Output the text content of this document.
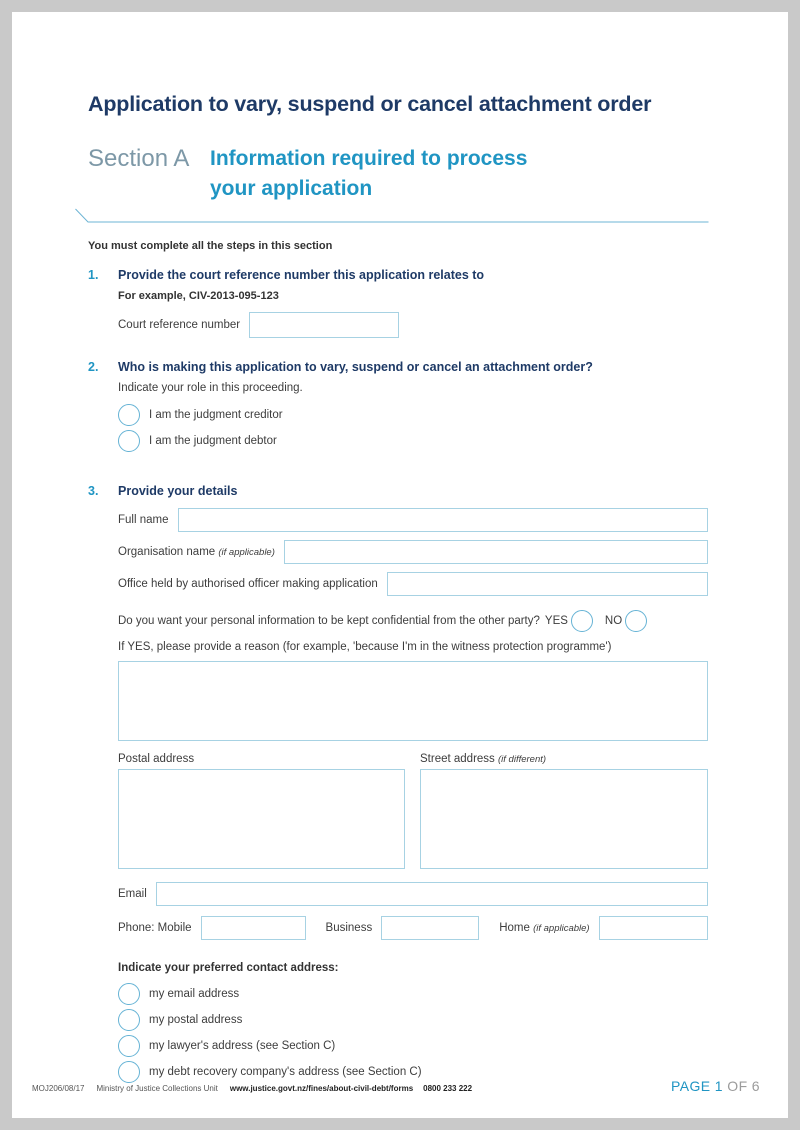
Application to vary, suspend or cancel attachment order
Section A Information required to process
your application

You must complete all the steps in this section

1.	Provide the court reference number this application relates to
For example, CIV-2013-095-123
Court reference number
2.	Who is making this application to vary, suspend or cancel an attachment order?
Indicate your role in this proceeding.
I am the judgment creditor
I am the judgment debtor
3.	Provide your details
Full name
Organisation name (if applicable)
Office held by authorised officer making application
Do you want your personal information to be kept confidential from the other party? YES	NO
If YES, please provide a reason (for example, 'because I'm in the witness protection programme')
Postal address	Street address (if different)
Email
Phone: Mobile	Business	Home (if applicable)
Indicate your preferred contact address:
my email address
my postal address
my lawyer's address (see Section C)
my debt recovery company's address (see Section C)
MOJ206/08/17 Ministry of Justice Collections Unit www.justice.govt.nz/fines/about-civil-debt/forms 0800 233 222	PAGE 1 OF 6
